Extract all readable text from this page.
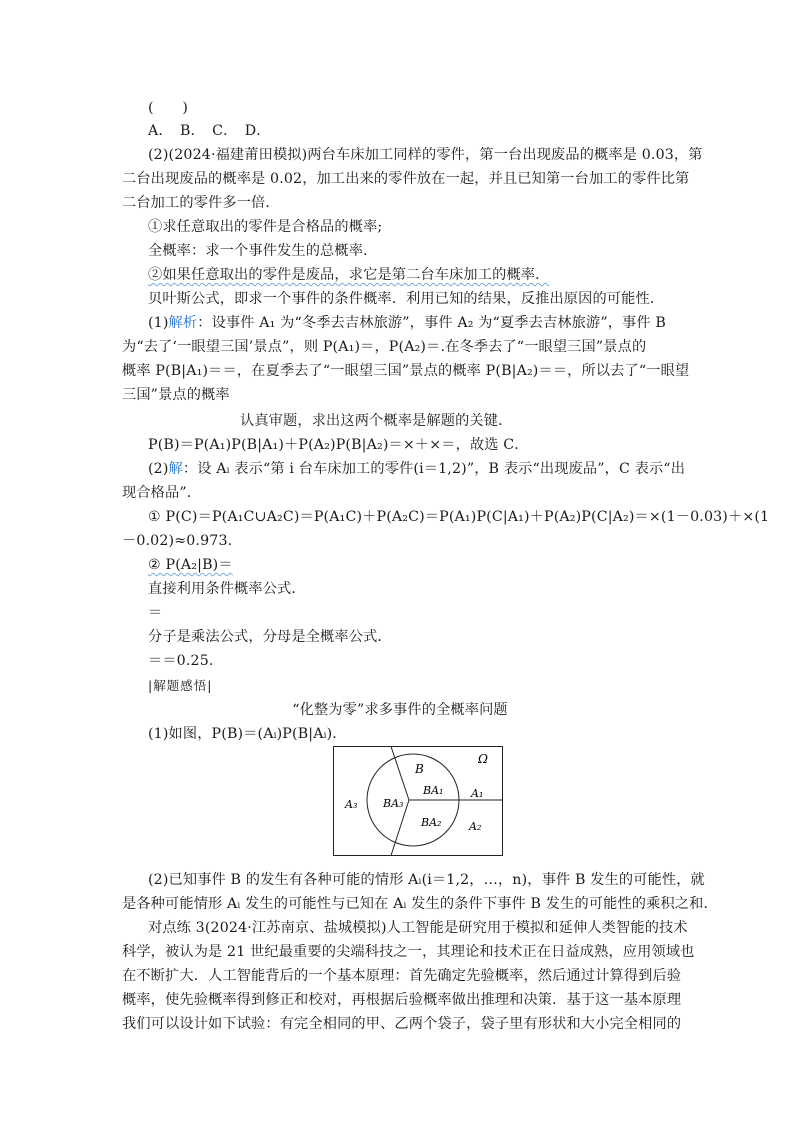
(　　)
A．　B．　C．　D．
(2)(2024·福建莆田模拟)两台车床加工同样的零件，第一台出现废品的概率是 0.03，第
二台出现废品的概率是 0.02，加工出来的零件放在一起，并且已知第一台加工的零件比第
二台加工的零件多一倍．
①求任意取出的零件是合格品的概率;
全概率：求一个事件发生的总概率．
②如果任意取出的零件是废品，求它是第二台车床加工的概率．
贝叶斯公式，即求一个事件的条件概率．利用已知的结果，反推出原因的可能性．
(1)解析：设事件 A₁ 为“冬季去吉林旅游”，事件 A₂ 为“夏季去吉林旅游”，事件 B
为“去了‘一眼望三国’景点”，则 P(A₁)＝，P(A₂)＝.在冬季去了“一眼望三国”景点的
概率 P(B|A₁)＝＝，在夏季去了“一眼望三国”景点的概率 P(B|A₂)＝＝，所以去了“一眼望
三国”景点的概率
认真审题，求出这两个概率是解题的关键．
P(B)＝P(A₁)P(B|A₁)＋P(A₂)P(B|A₂)＝×＋×＝，故选 C．
(2)解：设 Aᵢ 表示“第 i 台车床加工的零件(i＝1,2)”，B 表示“出现废品”，C 表示“出
现合格品”．
① P(C)＝P(A₁C∪A₂C)＝P(A₁C)＋P(A₂C)＝P(A₁)P(C|A₁)＋P(A₂)P(C|A₂)＝×(1－0.03)＋×(1
－0.02)≈0.973.
② P(A₂|B)＝
直接利用条件概率公式．
＝
分子是乘法公式，分母是全概率公式．
＝＝0.25.
|解题感悟|
“化整为零”求多事件的全概率问题
(1)如图，P(B)＝(Aᵢ)P(B|Aᵢ)．
Ω
B
BA₃
BA₁
BA₂
A₁
A₂
A₃
(2)已知事件 B 的发生有各种可能的情形 Aᵢ(i＝1,2，…，n)，事件 B 发生的可能性，就
是各种可能情形 Aᵢ 发生的可能性与已知在 Aᵢ 发生的条件下事件 B 发生的可能性的乘积之和．
对点练 3(2024·江苏南京、盐城模拟)人工智能是研究用于模拟和延伸人类智能的技术
科学，被认为是 21 世纪最重要的尖端科技之一，其理论和技术正在日益成熟，应用领域也
在不断扩大．人工智能背后的一个基本原理：首先确定先验概率，然后通过计算得到后验
概率，使先验概率得到修正和校对，再根据后验概率做出推理和决策．基于这一基本原理
我们可以设计如下试验：有完全相同的甲、乙两个袋子，袋子里有形状和大小完全相同的
